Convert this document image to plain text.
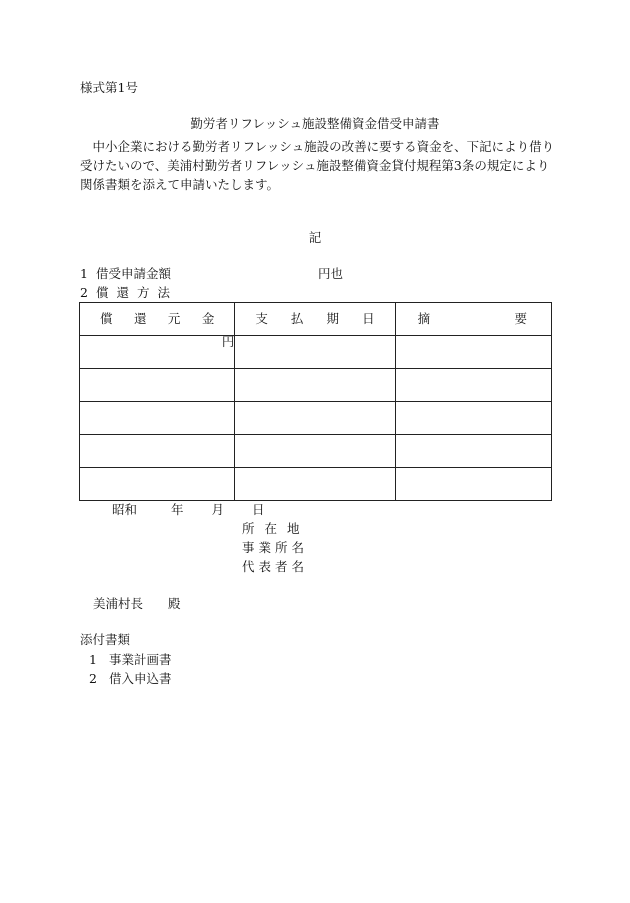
様式第1号
勤労者リフレッシュ施設整備資金借受申請書
中小企業における勤労者リフレッシュ施設の改善に要する資金を、下記により借り受けたいので、美浦村勤労者リフレッシュ施設整備資金貸付規程第3条の規定により関係書類を添えて申請いたします。
記
1 借受申請金額	円也
2 償還方法
償 還 元 金	支 払 期 日	摘 要

円		

昭和	年 月 日
所在地
事業所名
代表者名
美浦村長　　殿
添付書類
1 事業計画書
2 借入申込書
